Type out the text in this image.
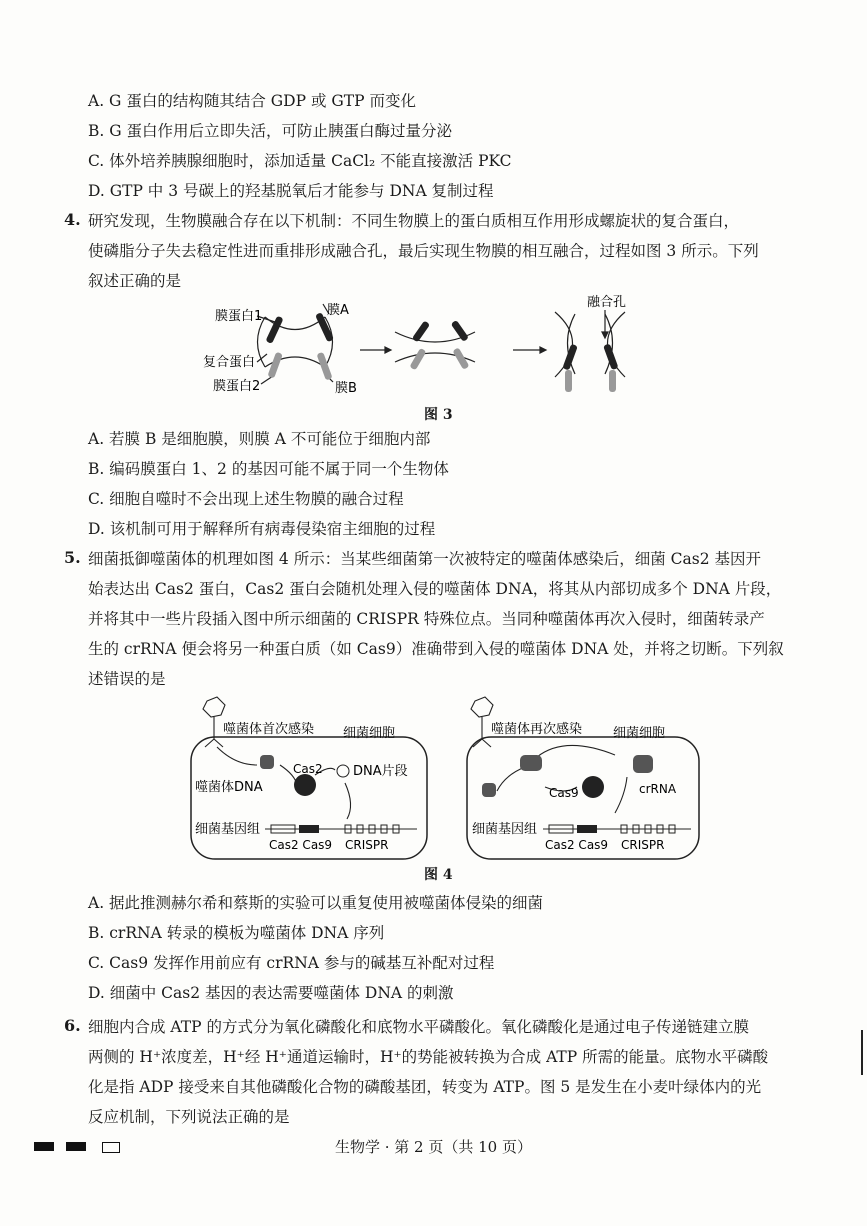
A. G 蛋白的结构随其结合 GDP 或 GTP 而变化
B. G 蛋白作用后立即失活，可防止胰蛋白酶过量分泌
C. 体外培养胰腺细胞时，添加适量 CaCl₂ 不能直接激活 PKC
D. GTP 中 3 号碳上的羟基脱氧后才能参与 DNA 复制过程
4. 研究发现，生物膜融合存在以下机制：不同生物膜上的蛋白质相互作用形成螺旋状的复合蛋白，
使磷脂分子失去稳定性进而重排形成融合孔，最后实现生物膜的相互融合，过程如图 3 所示。下列
叙述正确的是
膜蛋白1	膜A
复合蛋白
膜蛋白2	膜B
融合孔
图 3
A. 若膜 B 是细胞膜，则膜 A 不可能位于细胞内部
B. 编码膜蛋白 1、2 的基因可能不属于同一个生物体
C. 细胞自噬时不会出现上述生物膜的融合过程
D. 该机制可用于解释所有病毒侵染宿主细胞的过程
5. 细菌抵御噬菌体的机理如图 4 所示：当某些细菌第一次被特定的噬菌体感染后，细菌 Cas2 基因开
始表达出 Cas2 蛋白，Cas2 蛋白会随机处理入侵的噬菌体 DNA，将其从内部切成多个 DNA 片段，
并将其中一些片段插入图中所示细菌的 CRISPR 特殊位点。当同种噬菌体再次入侵时，细菌转录产
生的 crRNA 便会将另一种蛋白质（如 Cas9）准确带到入侵的噬菌体 DNA 处，并将之切断。下列叙
述错误的是
噬菌体首次感染 细菌细胞
噬菌体DNA
Cas2 DNA片段
细菌基因组
Cas2 Cas9 CRISPR
噬菌体再次感染 细菌细胞
Cas9	crRNA
细菌基因组
Cas2 Cas9 CRISPR
图 4
A. 据此推测赫尔希和蔡斯的实验可以重复使用被噬菌体侵染的细菌
B. crRNA 转录的模板为噬菌体 DNA 序列
C. Cas9 发挥作用前应有 crRNA 参与的碱基互补配对过程
D. 细菌中 Cas2 基因的表达需要噬菌体 DNA 的刺激
6. 细胞内合成 ATP 的方式分为氧化磷酸化和底物水平磷酸化。氧化磷酸化是通过电子传递链建立膜
两侧的 H⁺浓度差，H⁺经 H⁺通道运输时，H⁺的势能被转换为合成 ATP 所需的能量。底物水平磷酸
化是指 ADP 接受来自其他磷酸化合物的磷酸基团，转变为 ATP。图 5 是发生在小麦叶绿体内的光
反应机制，下列说法正确的是
生物学 · 第 2 页（共 10 页）
